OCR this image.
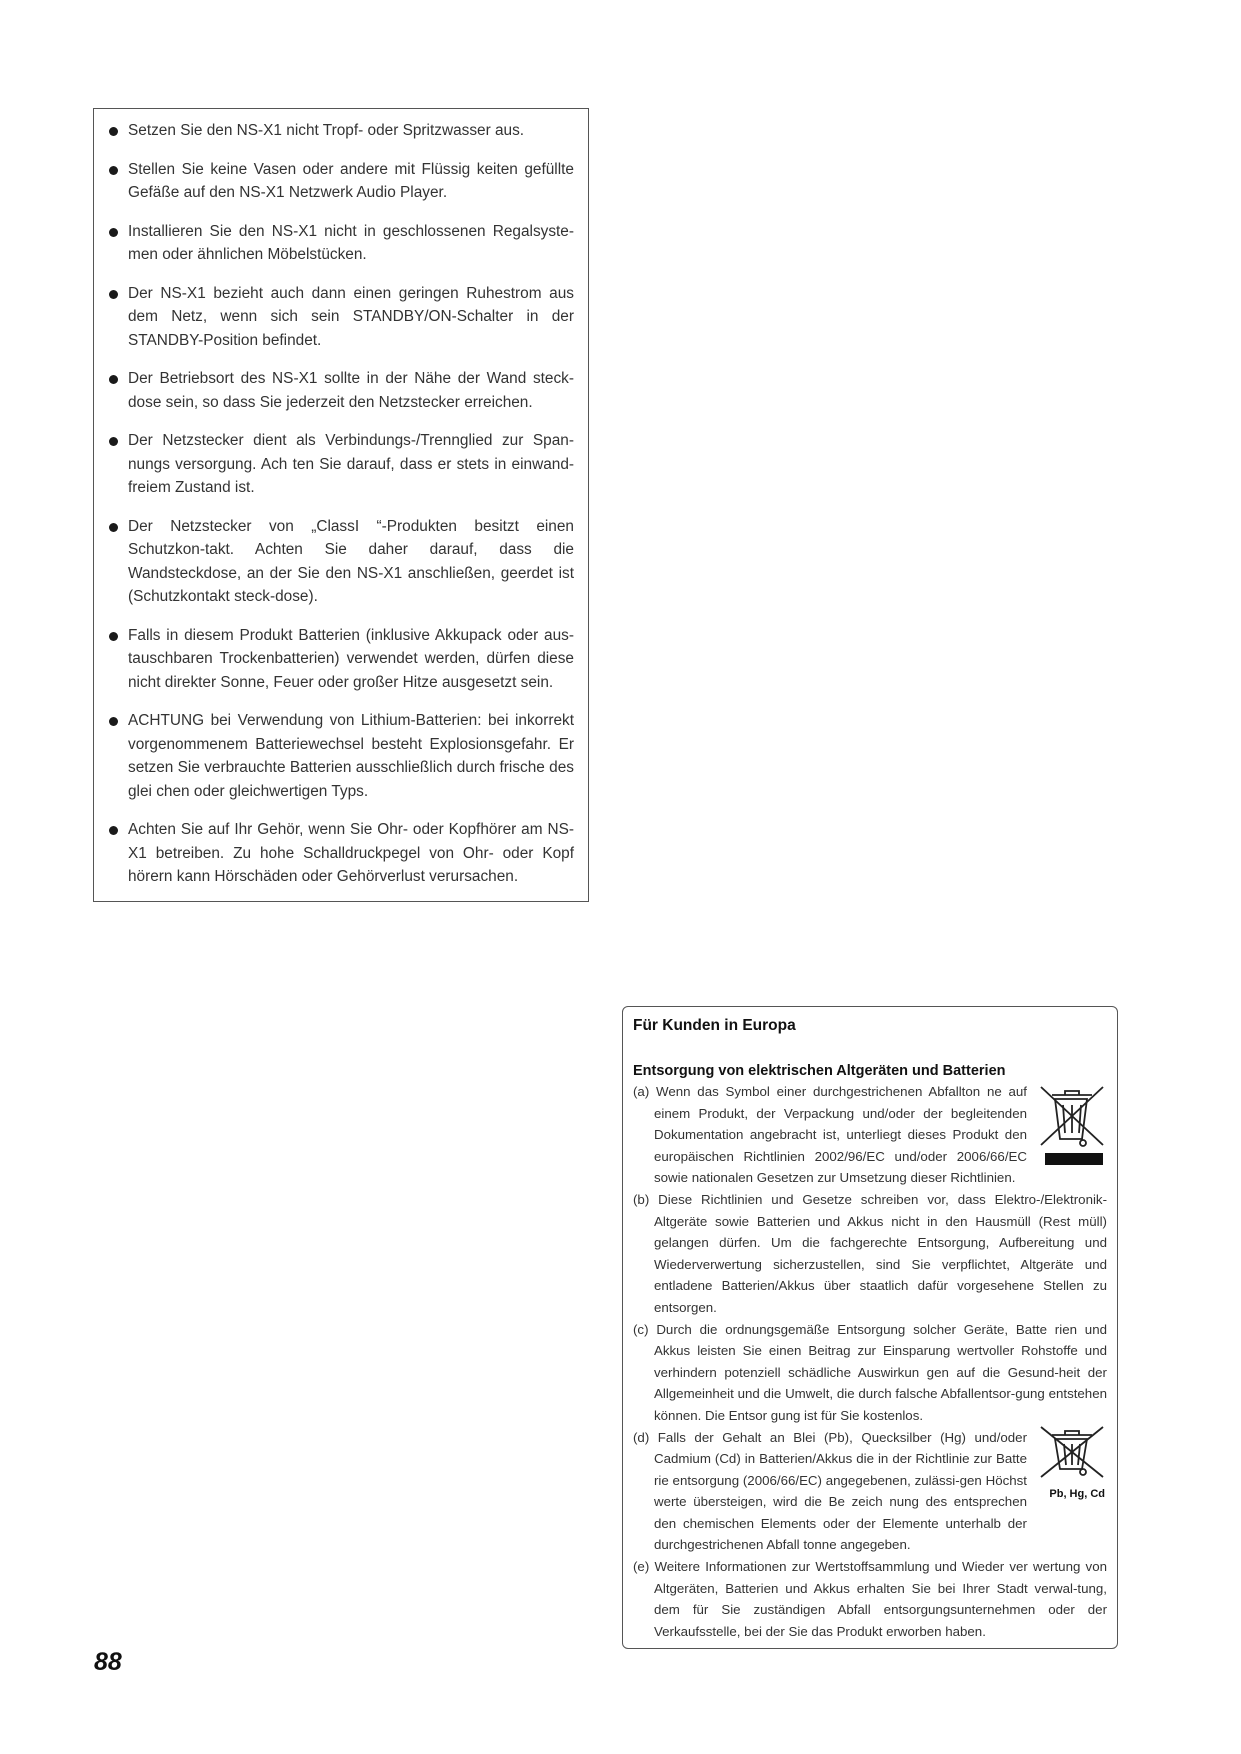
Setzen Sie den NS-X1 nicht Tropf- oder Spritzwasser aus.
Stellen Sie keine Vasen oder andere mit Flüssig keiten gefüllte Gefäße auf den NS-X1 Netzwerk Audio Player.
Installieren Sie den NS-X1 nicht in geschlossenen Regalsyste-men oder ähnlichen Möbelstücken.
Der NS-X1 bezieht auch dann einen geringen Ruhestrom aus dem Netz, wenn sich sein STANDBY/ON-Schalter in der STANDBY-Position befindet.
Der Betriebsort des NS-X1 sollte in der Nähe der Wand steck-dose sein, so dass Sie jederzeit den Netzstecker erreichen.
Der Netzstecker dient als Verbindungs-/Trennglied zur Span-nungs versorgung. Ach ten Sie darauf, dass er stets in einwand-freiem Zustand ist.
Der Netzstecker von „ClassI “-Produkten besitzt einen Schutzkon-takt. Achten Sie daher darauf, dass die Wandsteckdose, an der Sie den NS-X1 anschließen, geerdet ist (Schutzkontakt steck-dose).
Falls in diesem Produkt Batterien (inklusive Akkupack oder aus-tauschbaren Trockenbatterien) verwendet werden, dürfen diese nicht direkter Sonne, Feuer oder großer Hitze ausgesetzt sein.
ACHTUNG bei Verwendung von Lithium-Batterien: bei inkorrekt vorgenommenem Batteriewechsel besteht Explosionsgefahr. Er setzen Sie verbrauchte Batterien ausschließlich durch frische des glei chen oder gleichwertigen Typs.
Achten Sie auf Ihr Gehör, wenn Sie Ohr- oder Kopfhörer am NS-X1 betreiben. Zu hohe Schalldruckpegel von Ohr- oder Kopf hörern kann Hörschäden oder Gehörverlust verursachen.
Für Kunden in Europa
Entsorgung von elektrischen Altgeräten und Batterien
(a) Wenn das Symbol einer durchgestrichenen Abfallton ne auf einem Produkt, der Verpackung und/oder der begleitenden Dokumentation angebracht ist, unterliegt dieses Produkt den europäischen Richtlinien 2002/96/EC und/oder 2006/66/EC sowie nationalen Gesetzen zur Umsetzung dieser Richtlinien.
(b) Diese Richtlinien und Gesetze schreiben vor, dass Elektro-/Elektronik-Altgeräte sowie Batterien und Akkus nicht in den Hausmüll (Rest müll) gelangen dürfen. Um die fachgerechte Entsorgung, Aufbereitung und Wiederverwertung sicherzustellen, sind Sie verpflichtet, Altgeräte und entladene Batterien/Akkus über staatlich dafür vorgesehene Stellen zu entsorgen.
(c) Durch die ordnungsgemäße Entsorgung solcher Geräte, Batte rien und Akkus leisten Sie einen Beitrag zur Einsparung wertvoller Rohstoffe und verhindern potenziell schädliche Auswirkun gen auf die Gesund-heit der Allgemeinheit und die Umwelt, die durch falsche Abfallentsor-gung entstehen können. Die Entsor gung ist für Sie kostenlos.
(d) Falls der Gehalt an Blei (Pb), Quecksilber (Hg) und/oder Cadmium (Cd) in Batterien/Akkus die in der Richtlinie zur Batte rie entsorgung (2006/66/EC) angegebenen, zulässi-gen Höchst werte übersteigen, wird die Be zeich nung des entsprechen den chemischen Elements oder der Elemente unterhalb der durchgestrichenen Abfall tonne angegeben.
Pb, Hg, Cd
(e) Weitere Informationen zur Wertstoffsammlung und Wieder ver wertung von Altgeräten, Batterien und Akkus erhalten Sie bei Ihrer Stadt verwal-tung, dem für Sie zuständigen Abfall entsorgungsunternehmen oder der Verkaufsstelle, bei der Sie das Produkt erworben haben.
88
